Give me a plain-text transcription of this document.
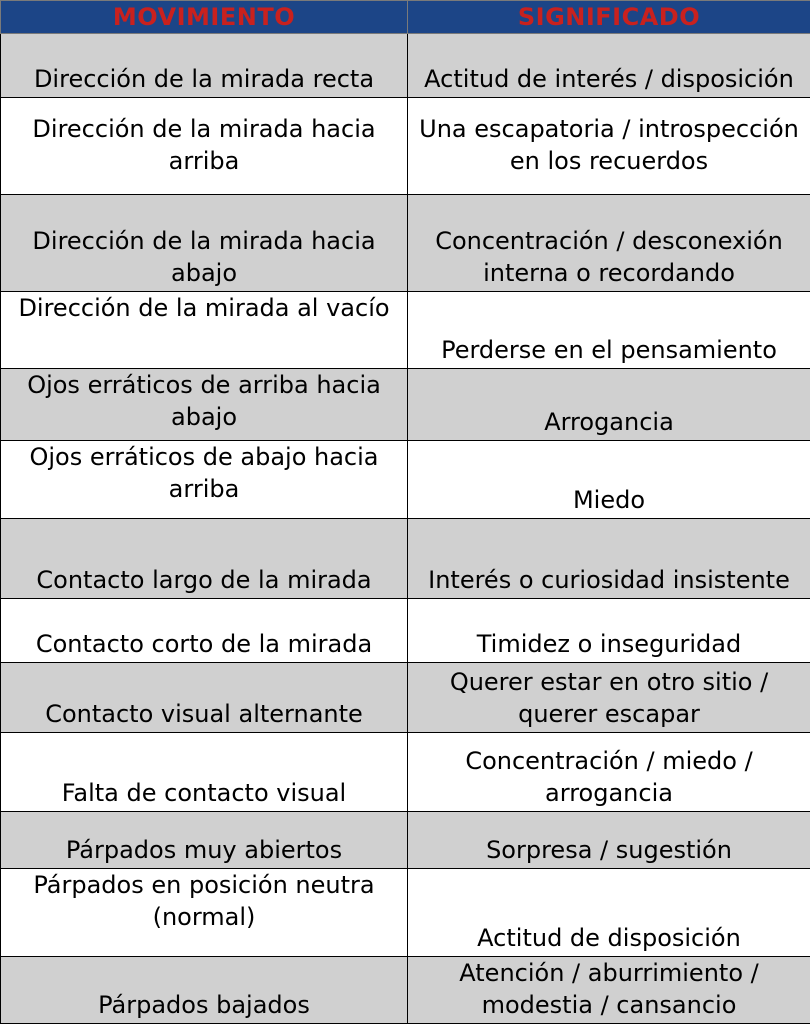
MOVIMIENTO	SIGNIFICADO
Dirección de la mirada recta	Actitud de interés / disposición
Dirección de la mirada hacia arriba	Una escapatoria / introspección en los recuerdos
Dirección de la mirada hacia abajo	Concentración / desconexión interna o recordando
Dirección de la mirada al vacío	Perderse en el pensamiento
Ojos erráticos de arriba hacia abajo	Arrogancia
Ojos erráticos de abajo hacia arriba	Miedo
Contacto largo de la mirada	Interés o curiosidad insistente
Contacto corto de la mirada	Timidez o inseguridad
Contacto visual alternante	Querer estar en otro sitio / querer escapar
Falta de contacto visual	Concentración / miedo / arrogancia
Párpados muy abiertos	Sorpresa / sugestión
Párpados en posición neutra (normal)	Actitud de disposición
Párpados bajados	Atención / aburrimiento / modestia / cansancio
